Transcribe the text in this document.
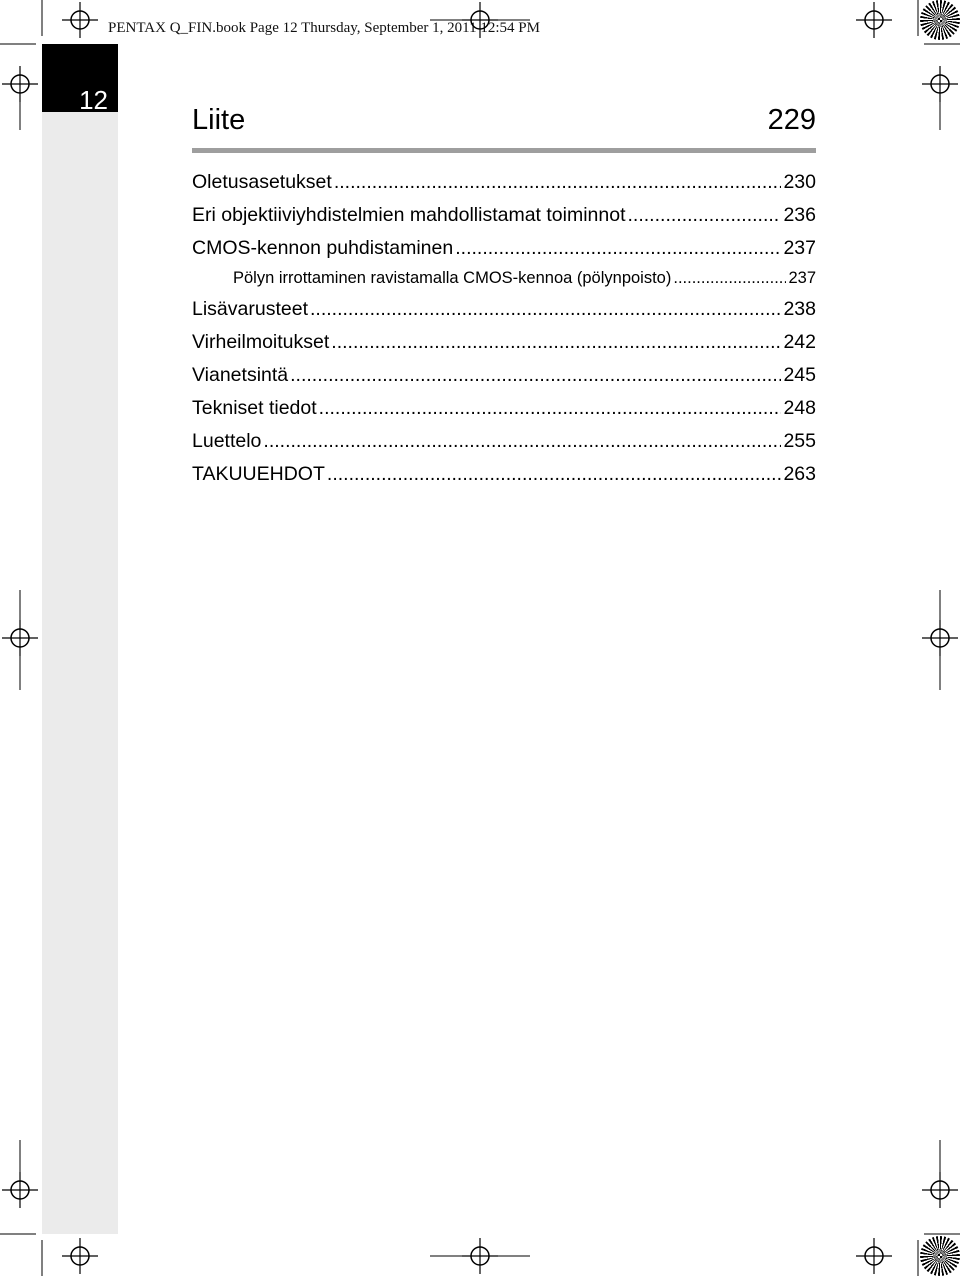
PENTAX Q_FIN.book Page 12 Thursday, September 1, 2011 12:54 PM
12
Liite	229
Oletusasetukset .....	230
Eri objektiiviyhdistelmien mahdollistamat toiminnot .....	236
CMOS-kennon puhdistaminen .....	237
Pölyn irrottaminen ravistamalla CMOS-kennoa (pölynpoisto) .....	237
Lisävarusteet .....	238
Virheilmoitukset .....	242
Vianetsintä .....	245
Tekniset tiedot .....	248
Luettelo .....	255
TAKUUEHDOT .....	263
